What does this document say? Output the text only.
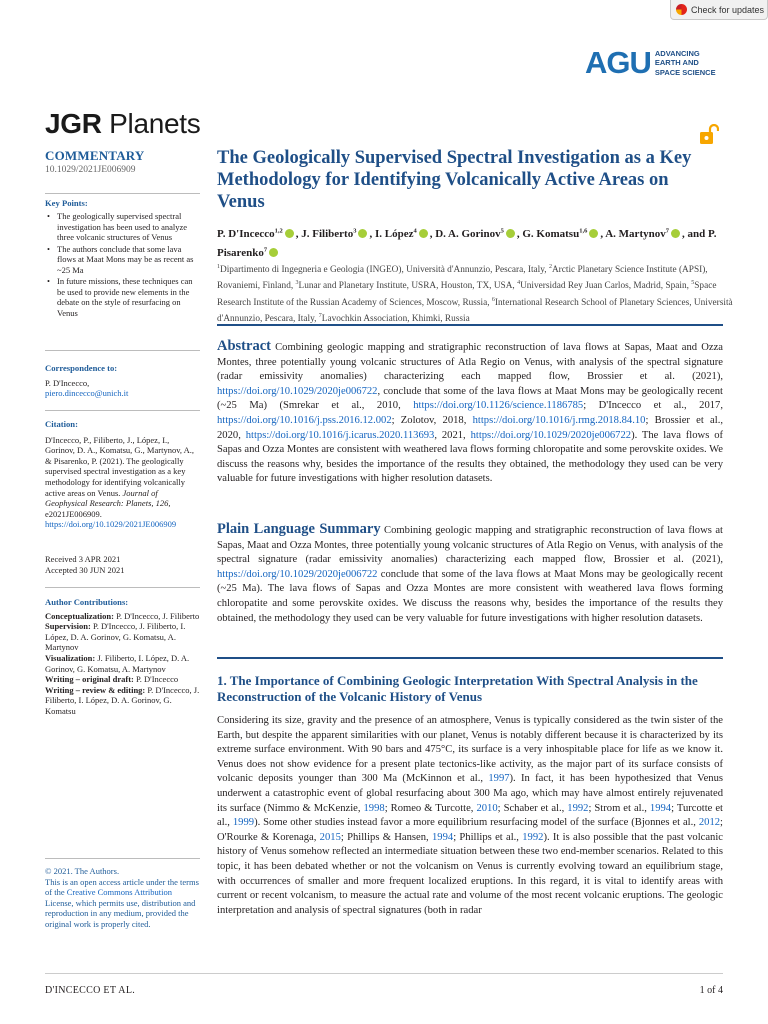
Check for updates
AGU ADVANCING
EARTH AND
SPACE SCIENCE
JGR Planets
COMMENTARY
10.1029/2021JE006909
Key Points:
• The geologically supervised spectral investigation has been used to analyze three volcanic structures of Venus
• The authors conclude that some lava flows at Maat Mons may be as recent as ~25 Ma
• In future missions, these techniques can be used to provide new elements in the debate on the style of resurfacing on Venus
Correspondence to:
P. D'Incecco,
piero.dincecco@unich.it
Citation:
D'Incecco, P., Filiberto, J., López, I., Gorinov, D. A., Komatsu, G., Martynov, A., & Pisarenko, P. (2021). The geologically supervised spectral investigation as a key methodology for identifying volcanically active areas on Venus. Journal of Geophysical Research: Planets, 126, e2021JE006909. https://doi.org/10.1029/2021JE006909
Received 3 APR 2021
Accepted 30 JUN 2021
Author Contributions:
Conceptualization: P. D'Incecco, J. Filiberto
Supervision: P. D'Incecco, J. Filiberto, I. López, D. A. Gorinov, G. Komatsu, A. Martynov
Visualization: J. Filiberto, I. López, D. A. Gorinov, G. Komatsu, A. Martynov
Writing – original draft: P. D'Incecco
Writing – review & editing: P. D'Incecco, J. Filiberto, I. López, D. A. Gorinov, G. Komatsu
© 2021. The Authors.
This is an open access article under the terms of the Creative Commons Attribution License, which permits use, distribution and reproduction in any medium, provided the original work is properly cited.
The Geologically Supervised Spectral Investigation as a Key Methodology for Identifying Volcanically Active Areas on Venus
P. D'Incecco$^{1,2}$ , J. Filiberto$^3$ , I. López$^4$ , D. A. Gorinov$^5$ , G. Komatsu$^{1,6}$ , A. Martynov$^7$ , and P. Pisarenko$^7$
$^1$Dipartimento di Ingegneria e Geologia (INGEO), Università d'Annunzio, Pescara, Italy, $^2$Arctic Planetary Science Institute (APSI), Rovaniemi, Finland, $^3$Lunar and Planetary Institute, USRA, Houston, TX, USA, $^4$Universidad Rey Juan Carlos, Madrid, Spain, $^5$Space Research Institute of the Russian Academy of Sciences, Moscow, Russia, $^6$International Research School of Planetary Sciences, Università d'Annunzio, Pescara, Italy, $^7$Lavochkin Association, Khimki, Russia
Abstract Combining geologic mapping and stratigraphic reconstruction of lava flows at Sapas, Maat and Ozza Montes, three potentially young volcanic structures of Atla Regio on Venus, with analysis of the spectral signature (radar emissivity anomalies) characterizing each mapped flow, Brossier et al. (2021), https://doi.org/10.1029/2020je006722, conclude that some of the lava flows at Maat Mons may be geologically recent (~25 Ma) (Smrekar et al., 2010, https://doi.org/10.1126/science.1186785; D'Incecco et al., 2017, https://doi.org/10.1016/j.pss.2016.12.002; Zolotov, 2018, https://doi.org/10.1016/j.rmg.2018.84.10; Brossier et al., 2020, https://doi.org/10.1016/j.icarus.2020.113693, 2021, https://doi.org/10.1029/2020je006722). The lava flows of Sapas and Ozza Montes are consistent with weathered lava flows forming chloropatite and some perovskite oxides. We discuss the reasons why, besides the importance of the results they obtained, the methodology they used can be very valuable for future investigations with higher resolution datasets.
Plain Language Summary Combining geologic mapping and stratigraphic reconstruction of lava flows at Sapas, Maat and Ozza Montes, three potentially young volcanic structures of Atla Regio on Venus, with analysis of the spectral signature (radar emissivity anomalies) characterizing each mapped flow, Brossier et al. (2021), https://doi.org/10.1029/2020je006722 conclude that some of the lava flows at Maat Mons may be geologically recent (~25 Ma). The lava flows of Sapas and Ozza Montes are more consistent with weathered lava flows forming chloropatite and some perovskite oxides. We discuss the reasons why, besides the importance of the results they obtained, the methodology they used can be very valuable for future investigations with higher resolution datasets.
1. The Importance of Combining Geologic Interpretation With Spectral Analysis in the Reconstruction of the Volcanic History of Venus
Considering its size, gravity and the presence of an atmosphere, Venus is typically considered as the twin sister of the Earth, but despite the apparent similarities with our planet, Venus is notably different because it is characterized by its extreme surface environment. With 90 bars and 475°C, its surface is a very inhospitable place for life as we know it. Venus does not show evidence for a present plate tectonics-like activity, as the major part of its surface consists of volcanic deposits younger than 300 Ma (McKinnon et al., 1997). In fact, it has been hypothesized that Venus underwent a catastrophic event of global resurfacing about 300 Ma ago, which may have almost entirely rejuvenated its surface (Nimmo & McKenzie, 1998; Romeo & Turcotte, 2010; Schaber et al., 1992; Strom et al., 1994; Turcotte et al., 1999). Some other studies instead favor a more equilibrium resurfacing model of the surface (Bjonnes et al., 2012; O'Rourke & Korenaga, 2015; Phillips & Hansen, 1994; Phillips et al., 1992). It is also possible that the past volcanic history of Venus somehow reflected an intermediate situation between these two end-member scenarios. Related to this topic, it has been debated whether or not the volcanism on Venus is currently evolving toward an equilibrium stage, with occurrences of smaller and more frequent localized eruptions. In this regard, it is vital to identify areas with current or recent volcanism, to measure the actual rate and volume of the most recent volcanic eruptions. The geologic interpretation and analysis of spectral signatures (both in radar
D'INCECCO ET AL.	1 of 4
